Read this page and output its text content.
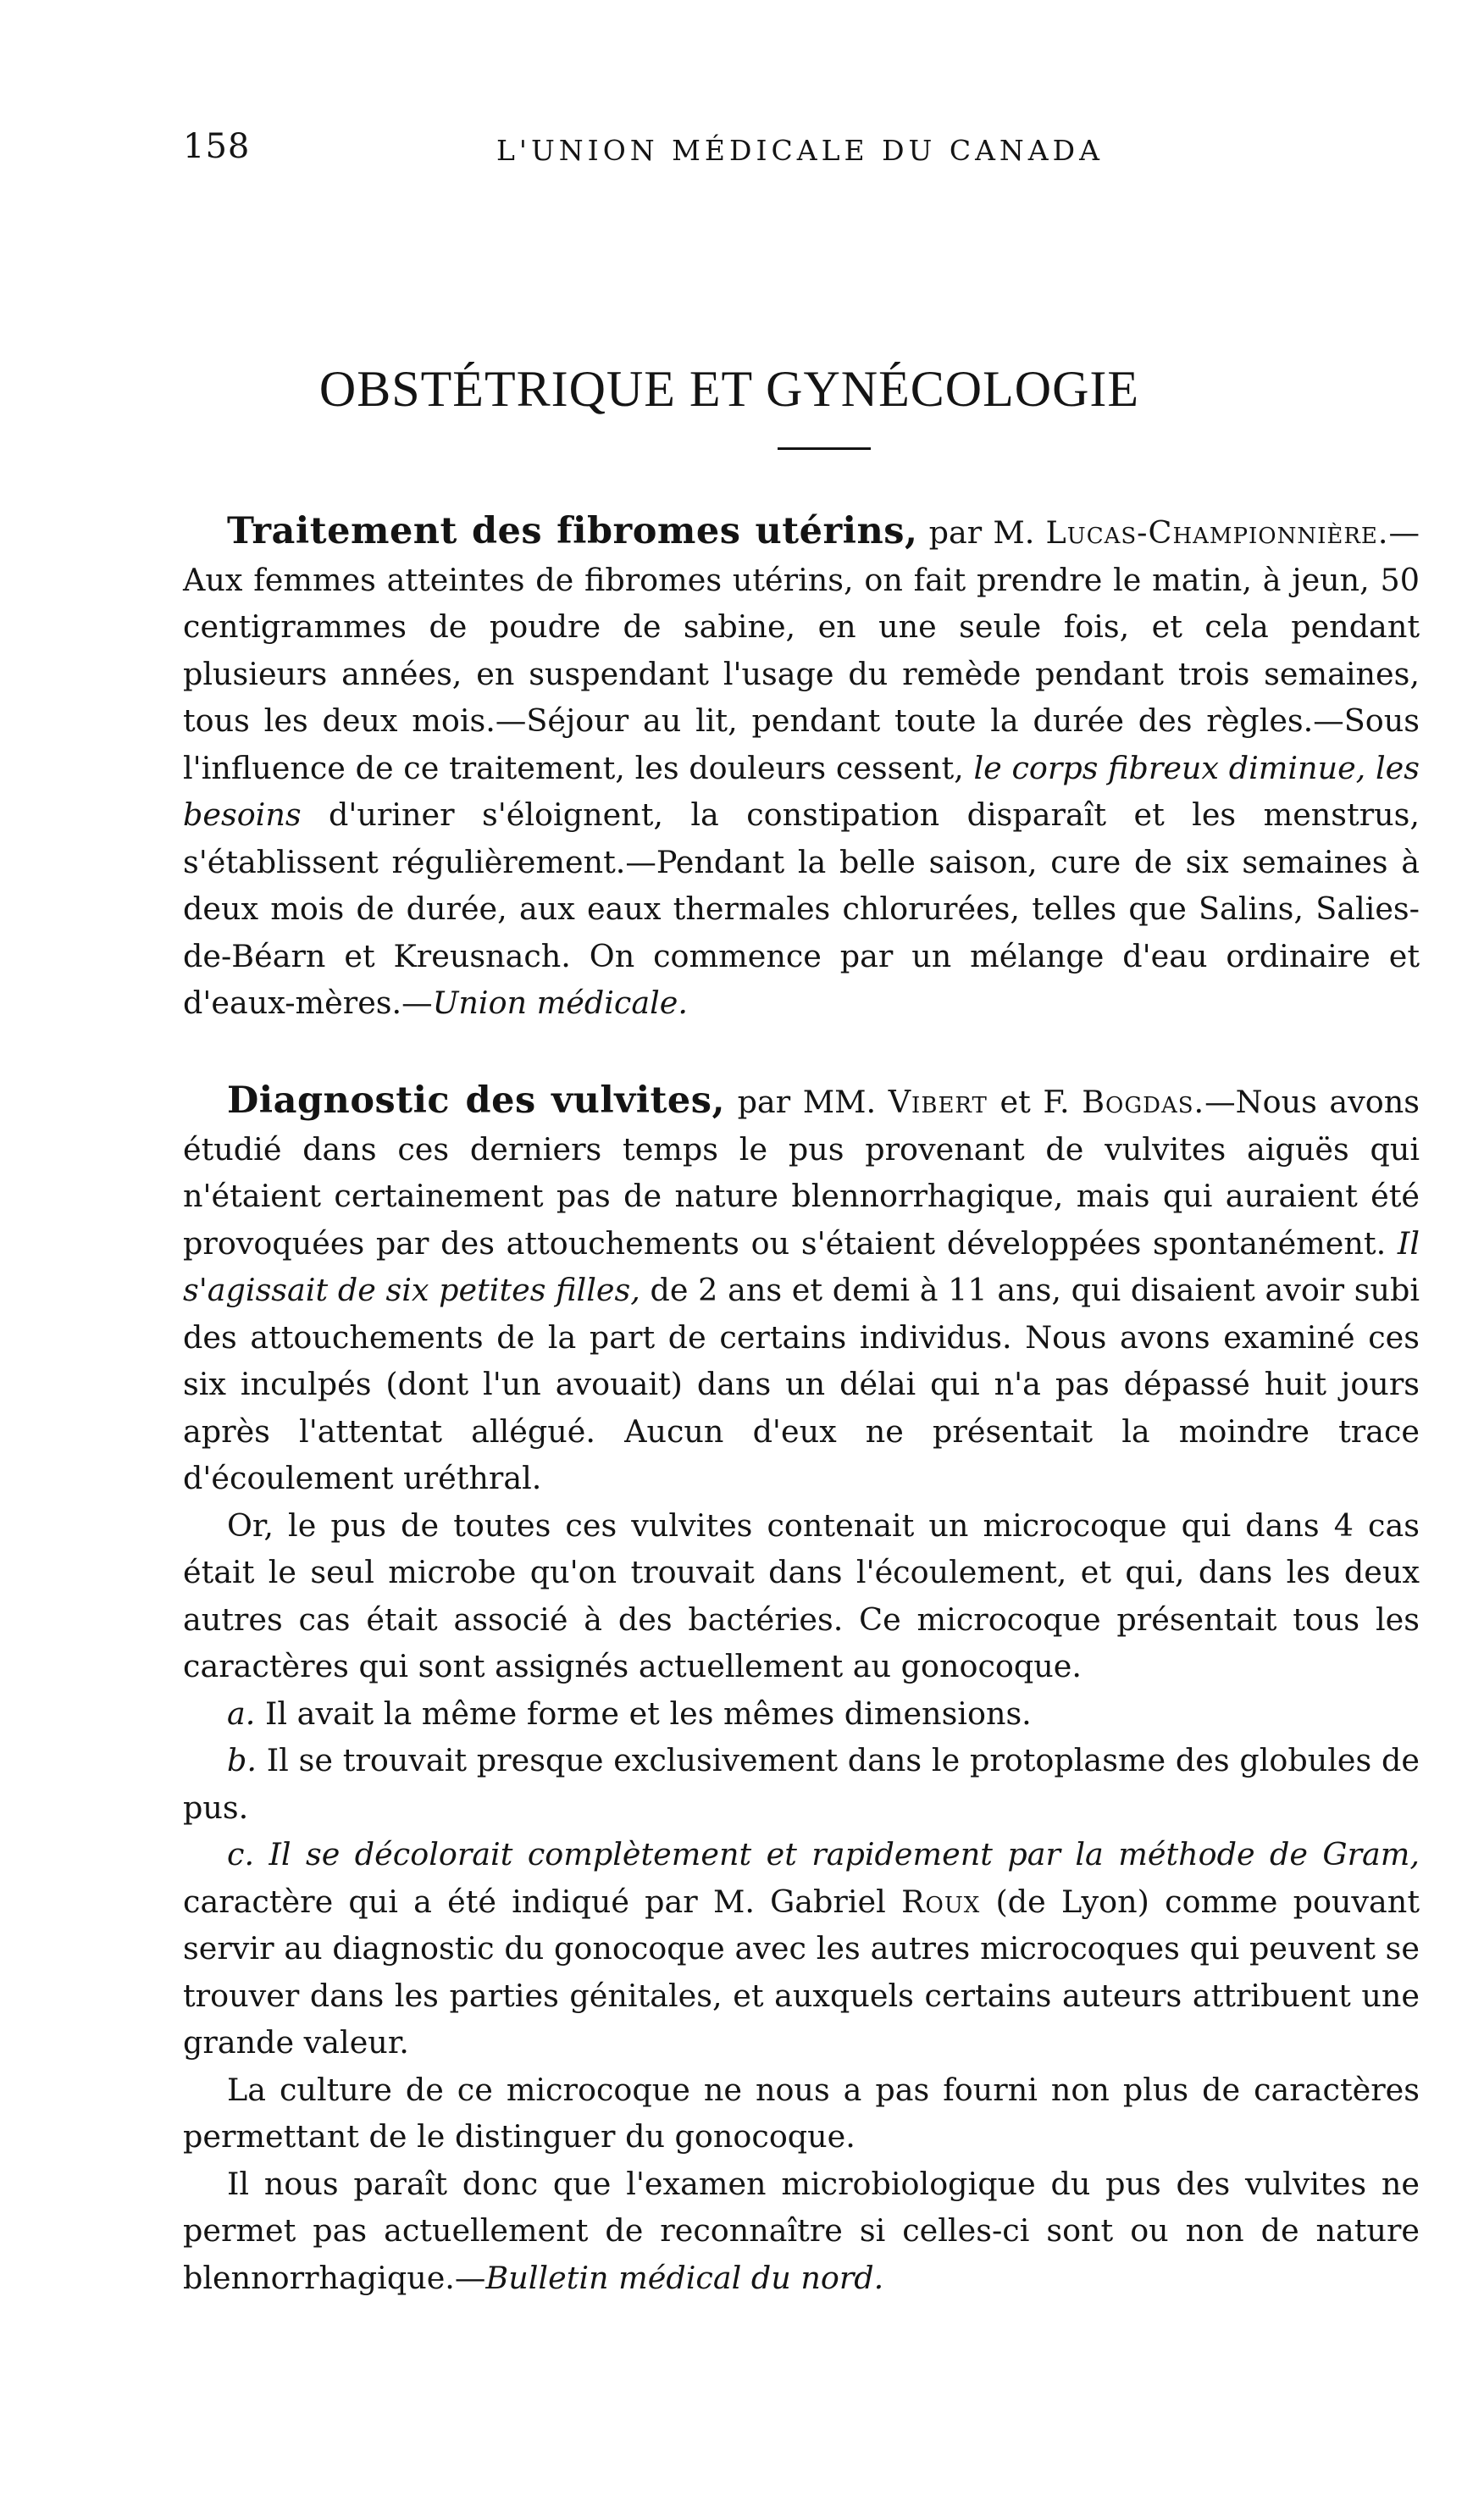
158	L'UNION MÉDICALE DU CANADA
OBSTÉTRIQUE ET GYNÉCOLOGIE

Traitement des fibromes utérins, par M. Lucas-Championnière.—Aux femmes atteintes de fibromes utérins, on fait prendre le matin, à jeun, 50 centigrammes de poudre de sabine, en une seule fois, et cela pendant plusieurs années, en suspendant l'usage du remède pendant trois semaines, tous les deux mois.—Séjour au lit, pendant toute la durée des règles.—Sous l'influence de ce traitement, les douleurs cessent, le corps fibreux diminue, les besoins d'uriner s'éloignent, la constipation disparaît et les menstrus, s'établissent régulièrement.—Pendant la belle saison, cure de six semaines à deux mois de durée, aux eaux thermales chlorurées, telles que Salins, Salies-de-Béarn et Kreusnach. On commence par un mélange d'eau ordinaire et d'eaux-mères.—Union médicale.

Diagnostic des vulvites, par MM. Vibert et F. Bogdas.—Nous avons étudié dans ces derniers temps le pus provenant de vulvites aiguës qui n'étaient certainement pas de nature blennorrhagique, mais qui auraient été provoquées par des attouchements ou s'étaient développées spontanément. Il s'agissait de six petites filles, de 2 ans et demi à 11 ans, qui disaient avoir subi des attouchements de la part de certains individus. Nous avons examiné ces six inculpés (dont l'un avouait) dans un délai qui n'a pas dépassé huit jours après l'attentat allégué. Aucun d'eux ne présentait la moindre trace d'écoulement uréthral.

Or, le pus de toutes ces vulvites contenait un microcoque qui dans 4 cas était le seul microbe qu'on trouvait dans l'écoulement, et qui, dans les deux autres cas était associé à des bactéries. Ce microcoque présentait tous les caractères qui sont assignés actuellement au gonocoque.

a. Il avait la même forme et les mêmes dimensions.

b. Il se trouvait presque exclusivement dans le protoplasme des globules de pus.

c. Il se décolorait complètement et rapidement par la méthode de Gram, caractère qui a été indiqué par M. Gabriel Roux (de Lyon) comme pouvant servir au diagnostic du gonocoque avec les autres microcoques qui peuvent se trouver dans les parties génitales, et auxquels certains auteurs attribuent une grande valeur.

La culture de ce microcoque ne nous a pas fourni non plus de caractères permettant de le distinguer du gonocoque.

Il nous paraît donc que l'examen microbiologique du pus des vulvites ne permet pas actuellement de reconnaître si celles-ci sont ou non de nature blennorrhagique.—Bulletin médical du nord.
